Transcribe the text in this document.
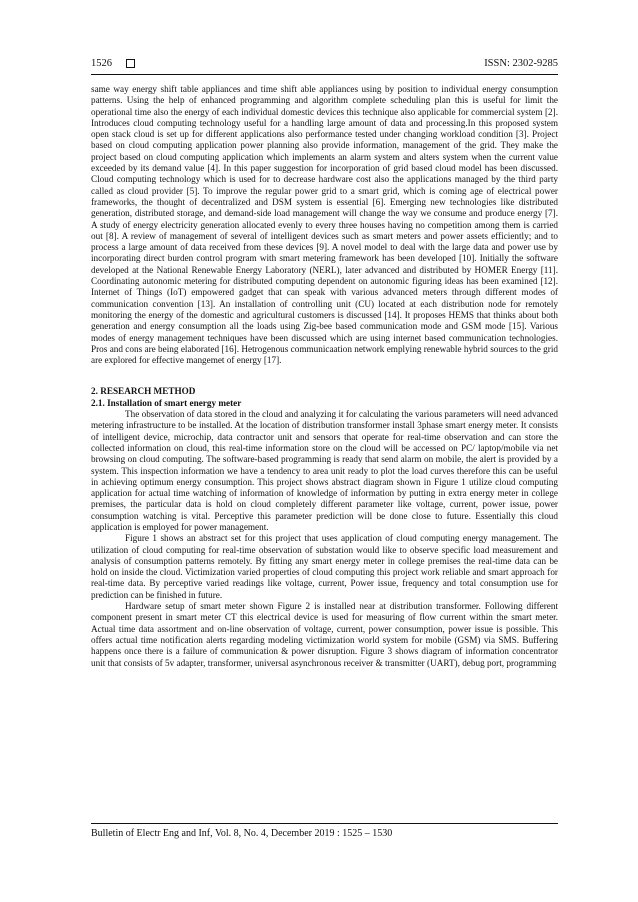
1526	ISSN: 2302-9285

same way energy shift table appliances and time shift able appliances using by position to individual energy consumption patterns. Using the help of enhanced programming and algorithm complete scheduling plan this is useful for limit the operational time also the energy of each individual domestic devices this technique also applicable for commercial system [2]. Introduces cloud computing technology useful for a handling large amount of data and processing.In this proposed system open stack cloud is set up for different applications also performance tested under changing workload condition [3]. Project based on cloud computing application power planning also provide information, management of the grid. They make the project based on cloud computing application which implements an alarm system and alters system when the current value exceeded by its demand value [4]. In this paper suggestion for incorporation of grid based cloud model has been discussed. Cloud computing technology which is used for to decrease hardware cost also the applications managed by the third party called as cloud provider [5]. To improve the regular power grid to a smart grid, which is coming age of electrical power frameworks, the thought of decentralized and DSM system is essential [6]. Emerging new technologies like distributed generation, distributed storage, and demand-side load management will change the way we consume and produce energy [7]. A study of energy electricity generation allocated evenly to every three houses having no competition among them is carried out [8]. A review of management of several of intelligent devices such as smart meters and power assets efficiently; and to process a large amount of data received from these devices [9]. A novel model to deal with the large data and power use by incorporating direct burden control program with smart metering framework has been developed [10]. Initially the software developed at the National Renewable Energy Laboratory (NERL), later advanced and distributed by HOMER Energy [11]. Coordinating autonomic metering for distributed computing dependent on autonomic figuring ideas has been examined [12]. Internet of Things (IoT) empowered gadget that can speak with various advanced meters through different modes of communication convention [13]. An installation of controlling unit (CU) located at each distribution node for remotely monitoring the energy of the domestic and agricultural customers is discussed [14]. It proposes HEMS that thinks about both generation and energy consumption all the loads using Zig-bee based communication mode and GSM mode [15]. Various modes of energy management techniques have been discussed which are using internet based communication technologies. Pros and cons are being elaborated [16]. Hetrogenous communicaation network emplying renewable hybrid sources to the grid are explored for effective mangemet of energy [17].

2. RESEARCH METHOD
2.1. Installation of smart energy meter

The observation of data stored in the cloud and analyzing it for calculating the various parameters will need advanced metering infrastructure to be installed. At the location of distribution transformer install 3phase smart energy meter. It consists of intelligent device, microchip, data contractor unit and sensors that operate for real-time observation and can store the collected information on cloud, this real-time information store on the cloud will be accessed on PC/ laptop/mobile via net browsing on cloud computing. The software-based programming is ready that send alarm on mobile, the alert is provided by a system. This inspection information we have a tendency to area unit ready to plot the load curves therefore this can be useful in achieving optimum energy consumption. This project shows abstract diagram shown in Figure 1 utilize cloud computing application for actual time watching of information of knowledge of information by putting in extra energy meter in college premises, the particular data is hold on cloud completely different parameter like voltage, current, power issue, power consumption watching is vital. Perceptive this parameter prediction will be done close to future. Essentially this cloud application is employed for power management.

Figure 1 shows an abstract set for this project that uses application of cloud computing energy management. The utilization of cloud computing for real-time observation of substation would like to observe specific load measurement and analysis of consumption patterns remotely. By fitting any smart energy meter in college premises the real-time data can be hold on inside the cloud. Victimization varied properties of cloud computing this project work reliable and smart approach for real-time data. By perceptive varied readings like voltage, current, Power issue, frequency and total consumption use for prediction can be finished in future.

Hardware setup of smart meter shown Figure 2 is installed near at distribution transformer. Following different component present in smart meter CT this electrical device is used for measuring of flow current within the smart meter. Actual time data assortment and on-line observation of voltage, current, power consumption, power issue is possible. This offers actual time notification alerts regarding modeling victimization world system for mobile (GSM) via SMS. Buffering happens once there is a failure of communication & power disruption. Figure 3 shows diagram of information concentrator unit that consists of 5v adapter, transformer, universal asynchronous receiver & transmitter (UART), debug port, programming

Bulletin of Electr Eng and Inf, Vol. 8, No. 4, December 2019 : 1525 – 1530
